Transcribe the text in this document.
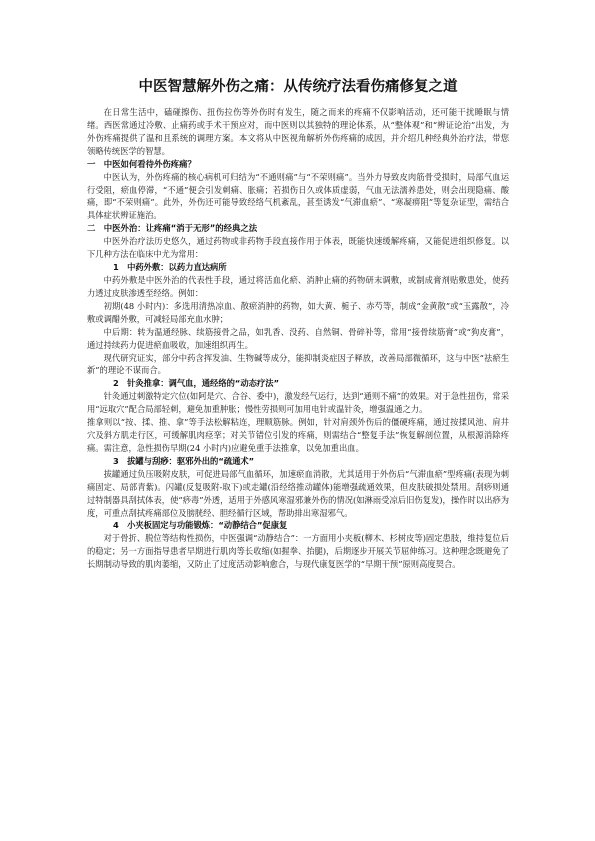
中医智慧解外伤之痛：从传统疗法看伤痛修复之道

在日常生活中，磕碰擦伤、扭伤拉伤等外伤时有发生，随之而来的疼痛不仅影响活动，还可能干扰睡眠与情绪。西医常通过冷敷、止痛药或手术干预应对，而中医则以其独特的理论体系，从“整体观”和“辨证论治”出发，为外伤疼痛提供了温和且系统的调理方案。本文将从中医视角解析外伤疼痛的成因，并介绍几种经典外治疗法，带您领略传统医学的智慧。

一　中医如何看待外伤疼痛？

中医认为，外伤疼痛的核心病机可归结为“不通则痛”与“不荣则痛”。当外力导致皮肉筋骨受损时，局部气血运行受阻，瘀血停滞，“不通”便会引发刺痛、胀痛；若损伤日久或体质虚弱，气血无法濡养患处，则会出现隐痛、酸痛，即“不荣则痛”。此外，外伤还可能导致经络气机紊乱，甚至诱发“气滞血瘀”、“寒凝痹阻”等复杂证型，需结合具体症状辨证施治。

二　中医外治：让疼痛“消于无形”的经典之法

中医外治疗法历史悠久，通过药物或非药物手段直接作用于体表，既能快速缓解疼痛，又能促进组织修复。以下几种方法在临床中尤为常用：

1　中药外敷：以药力直达病所

中药外敷是中医外治的代表性手段，通过将活血化瘀、消肿止痛的药物研末调敷，或制成膏剂贴敷患处，使药力透过皮肤渗透至经络。例如：

初期(48 小时内)：多选用清热凉血、散瘀消肿的药物，如大黄、栀子、赤芍等，制成“金黄散”或“玉露散”，冷敷或调醋外敷，可减轻局部充血水肿；

中后期：转为温通经脉、续筋接骨之品，如乳香、没药、自然铜、骨碎补等，常用“接骨续筋膏”或“狗皮膏”，通过持续药力促进瘀血吸收，加速组织再生。

现代研究证实，部分中药含挥发油、生物碱等成分，能抑制炎症因子释放，改善局部微循环，这与中医“祛瘀生新”的理论不谋而合。

2　针灸推拿：调气血，通经络的“动态疗法”

针灸通过刺激特定穴位(如阿是穴、合谷、委中)，激发经气运行，达到“通则不痛”的效果。对于急性扭伤，常采用“远取穴”配合局部轻刺，避免加重肿胀；慢性劳损则可加用电针或温针灸，增强温通之力。

推拿则以“按、揉、推、拿”等手法松解粘连，理顺筋脉。例如，针对肩颈外伤后的僵硬疼痛，通过按揉风池、肩井穴及斜方肌走行区，可缓解肌肉痉挛；对关节错位引发的疼痛，则需结合“整复手法”恢复解剖位置，从根源消除疼痛。需注意，急性损伤早期(24 小时内)应避免重手法推拿，以免加重出血。

3　拔罐与刮痧：驱邪外出的“疏通术”

拔罐通过负压吸附皮肤，可促进局部气血循环，加速瘀血消散，尤其适用于外伤后“气滞血瘀”型疼痛(表现为刺痛固定、局部青紫)。闪罐(反复吸附-取下)或走罐(沿经络推动罐体)能增强疏通效果，但皮肤破损处禁用。刮痧则通过特制器具刮拭体表，使“痧毒”外透，适用于外感风寒湿邪兼外伤的情况(如淋雨受凉后旧伤复发)，操作时以出痧为度，可重点刮拭疼痛部位及膀胱经、胆经循行区域，帮助排出寒湿邪气。

4　小夹板固定与功能锻炼：“动静结合”促康复

对于骨折、脱位等结构性损伤，中医强调“动静结合”：一方面用小夹板(柳木、杉树皮等)固定患肢，维持复位后的稳定；另一方面指导患者早期进行肌肉等长收缩(如握拳、抬腿)，后期逐步开展关节屈伸练习。这种理念既避免了长期制动导致的肌肉萎缩，又防止了过度活动影响愈合，与现代康复医学的“早期干预”原则高度契合。
